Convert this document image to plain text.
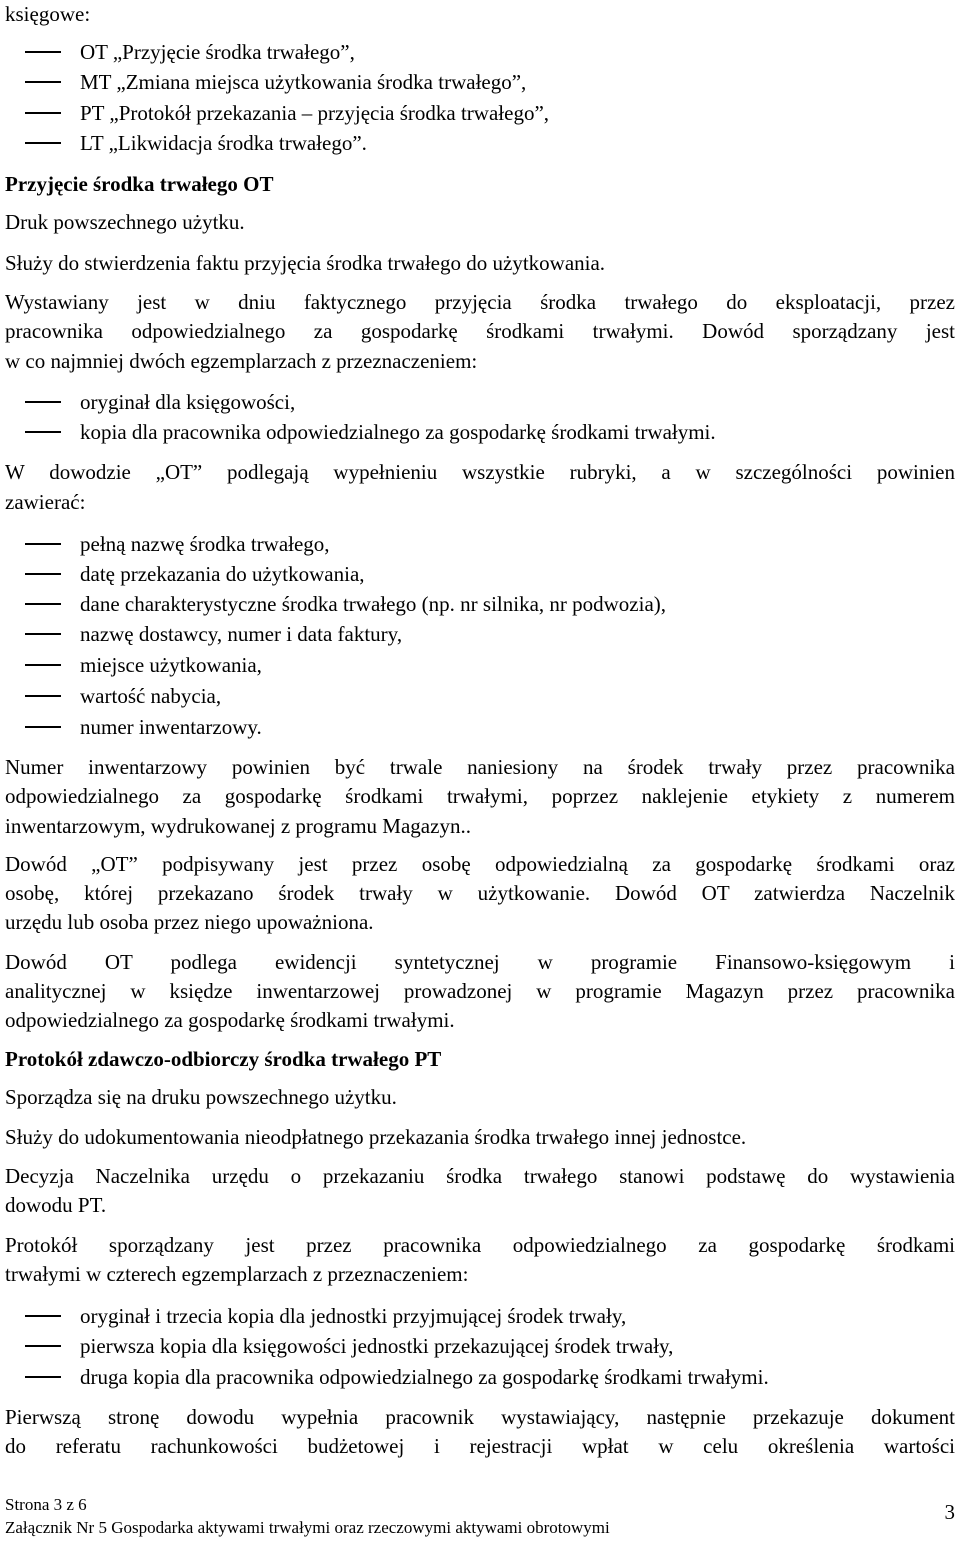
księgowe:
OT „Przyjęcie środka trwałego”,
MT „Zmiana miejsca użytkowania środka trwałego”,
PT „Protokół przekazania – przyjęcia środka trwałego”,
LT „Likwidacja środka trwałego”.
Przyjęcie środka trwałego OT
Druk powszechnego użytku.
Służy do stwierdzenia faktu przyjęcia środka trwałego do użytkowania.
Wystawiany jest w dniu faktycznego przyjęcia środka trwałego do eksploatacji, przez
pracownika odpowiedzialnego za gospodarkę środkami trwałymi. Dowód sporządzany jest
w co najmniej dwóch egzemplarzach z przeznaczeniem:
oryginał dla księgowości,
kopia dla pracownika odpowiedzialnego za gospodarkę środkami trwałymi.
W dowodzie „OT” podlegają wypełnieniu wszystkie rubryki, a w szczególności powinien
zawierać:
pełną nazwę środka trwałego,
datę przekazania do użytkowania,
dane charakterystyczne środka trwałego (np. nr silnika, nr podwozia),
nazwę dostawcy, numer i data faktury,
miejsce użytkowania,
wartość nabycia,
numer inwentarzowy.
Numer inwentarzowy powinien być trwale naniesiony na środek trwały przez pracownika
odpowiedzialnego za gospodarkę środkami trwałymi, poprzez naklejenie etykiety z numerem
inwentarzowym, wydrukowanej z programu Magazyn..
Dowód „OT” podpisywany jest przez osobę odpowiedzialną za gospodarkę środkami oraz
osobę, której przekazano środek trwały w użytkowanie. Dowód OT zatwierdza Naczelnik
urzędu lub osoba przez niego upoważniona.
Dowód OT podlega ewidencji syntetycznej w programie Finansowo-księgowym i
analitycznej w księdze inwentarzowej prowadzonej w programie Magazyn przez pracownika
odpowiedzialnego za gospodarkę środkami trwałymi.
Protokół zdawczo-odbiorczy środka trwałego PT
Sporządza się na druku powszechnego użytku.
Służy do udokumentowania nieodpłatnego przekazania środka trwałego innej jednostce.
Decyzja Naczelnika urzędu o przekazaniu środka trwałego stanowi podstawę do wystawienia
dowodu PT.
Protokół sporządzany jest przez pracownika odpowiedzialnego za gospodarkę środkami
trwałymi w czterech egzemplarzach z przeznaczeniem:
oryginał i trzecia kopia dla jednostki przyjmującej środek trwały,
pierwsza kopia dla księgowości jednostki przekazującej środek trwały,
druga kopia dla pracownika odpowiedzialnego za gospodarkę środkami trwałymi.
Pierwszą stronę dowodu wypełnia pracownik wystawiający, następnie przekazuje dokument
do referatu rachunkowości budżetowej i rejestracji wpłat w celu określenia wartości
Strona 3 z 6
Załącznik Nr 5 Gospodarka aktywami trwałymi oraz rzeczowymi aktywami obrotowymi
3
